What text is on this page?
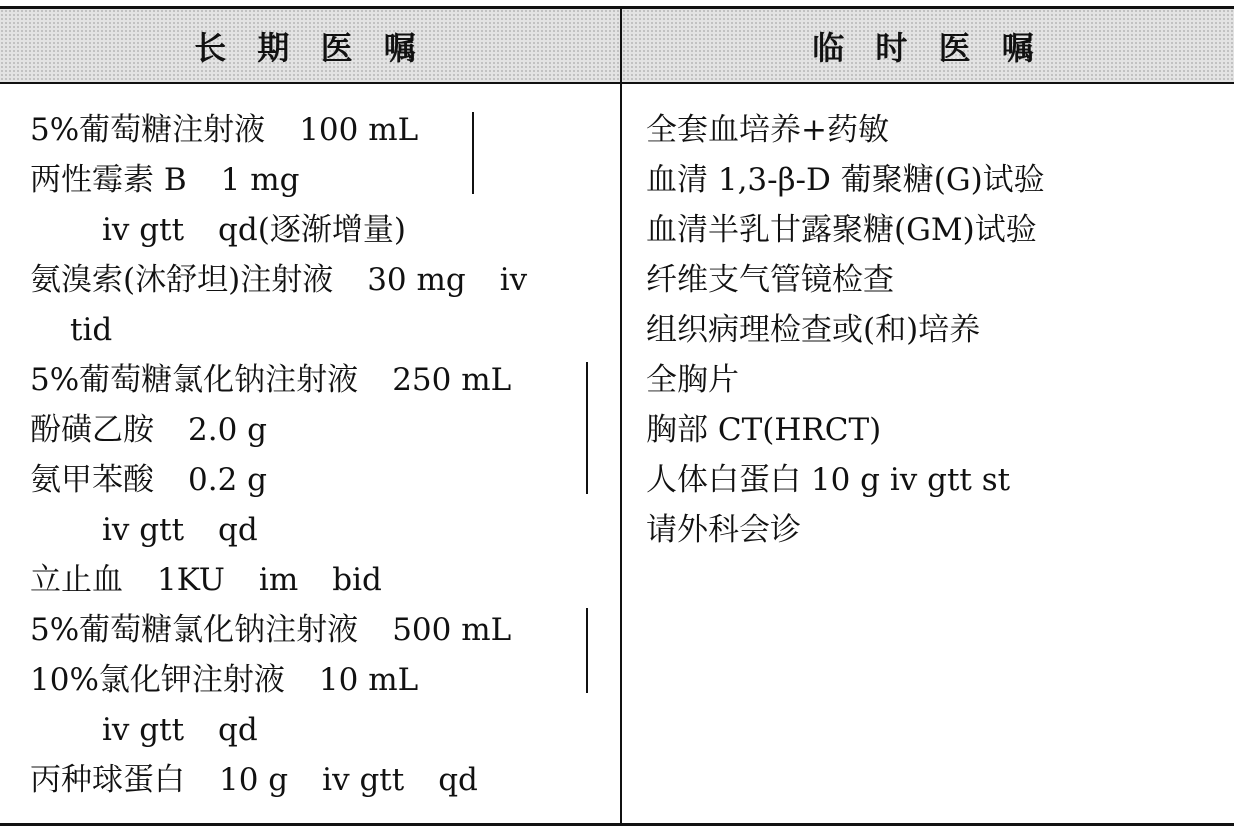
长 期 医 嘱	临 时 医 嘱
5%葡萄糖注射液 100 mL
两性霉素 B 1 mg
iv gtt qd(逐渐增量)
氨溴索(沐舒坦)注射液 30 mg iv
tid
5%葡萄糖氯化钠注射液 250 mL
酚磺乙胺 2.0 g
氨甲苯酸 0.2 g
iv gtt qd
立止血 1KU im bid
5%葡萄糖氯化钠注射液 500 mL
10%氯化钾注射液 10 mL
iv gtt qd
丙种球蛋白 10 g iv gtt qd
全套血培养+药敏
血清 1,3-β-D 葡聚糖(G)试验
血清半乳甘露聚糖(GM)试验
纤维支气管镜检查
组织病理检查或(和)培养
全胸片
胸部 CT(HRCT)
人体白蛋白 10 g iv gtt st
请外科会诊
